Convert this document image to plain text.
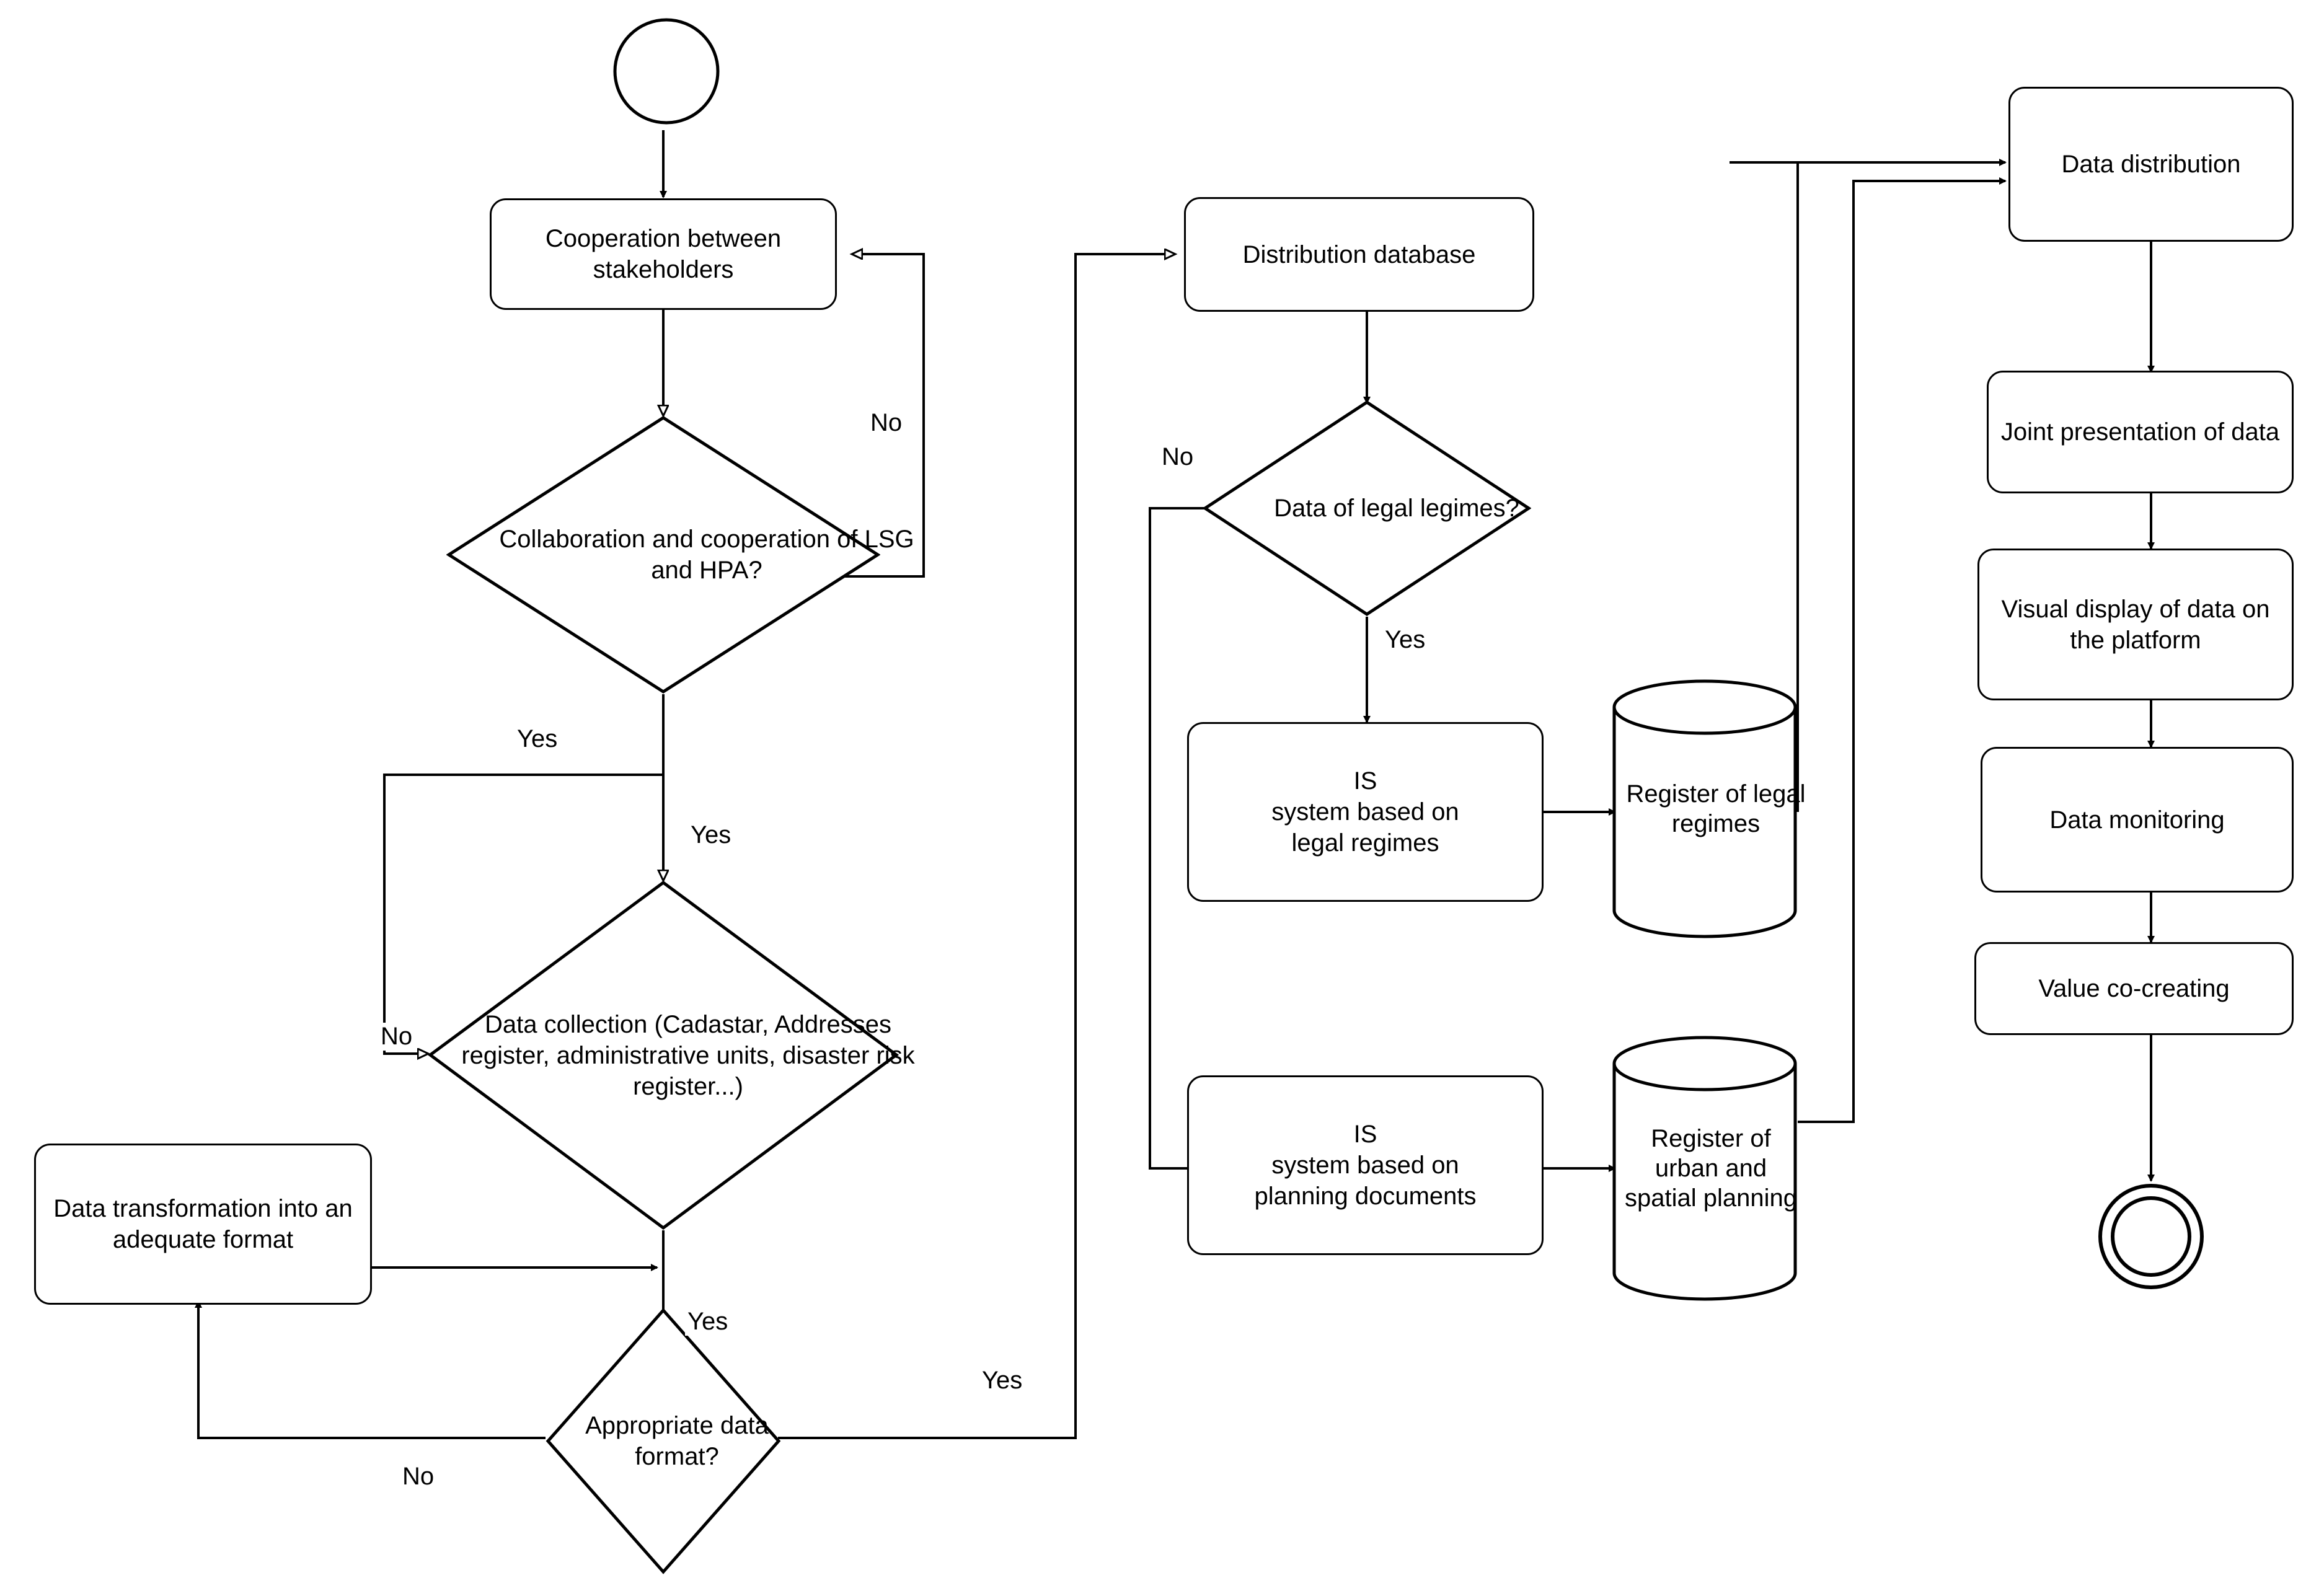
Cooperation between stakeholders
Collaboration and cooperation of LSG and HPA?
Data collection (Cadastar, Addresses register, administrative units, disaster risk register...)
Data transformation into an adequate format
Appropriate data format?
Distribution database
Data of legal legimes?
IS
system based on
legal regimes
Register of legal regimes
IS
system based on
planning documents
Register of urban and spatial planning
Data distribution
Joint presentation of data
Visual display of data on the platform
Data monitoring
Value co-creating
No
Yes
Yes
No
Yes
No
Yes
No
Yes
